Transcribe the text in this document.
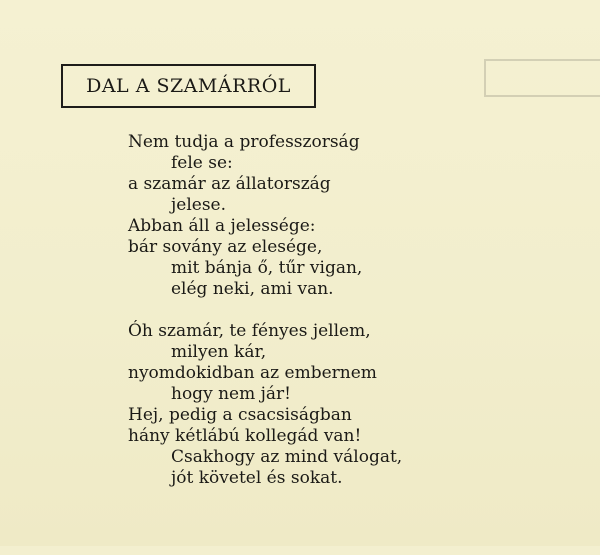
DAL A SZAMÁRRÓL
Nem tudja a professzorság
fele se:
a szamár az állatország
jelese.
Abban áll a jelessége:
bár sovány az elesége,
mit bánja ő, tűr vigan,
elég neki, ami van.
Óh szamár, te fényes jellem,
milyen kár,
nyomdokidban az embernem
hogy nem jár!
Hej, pedig a csacsiságban
hány kétlábú kollegád van!
Csakhogy az mind válogat,
jót követel és sokat.
